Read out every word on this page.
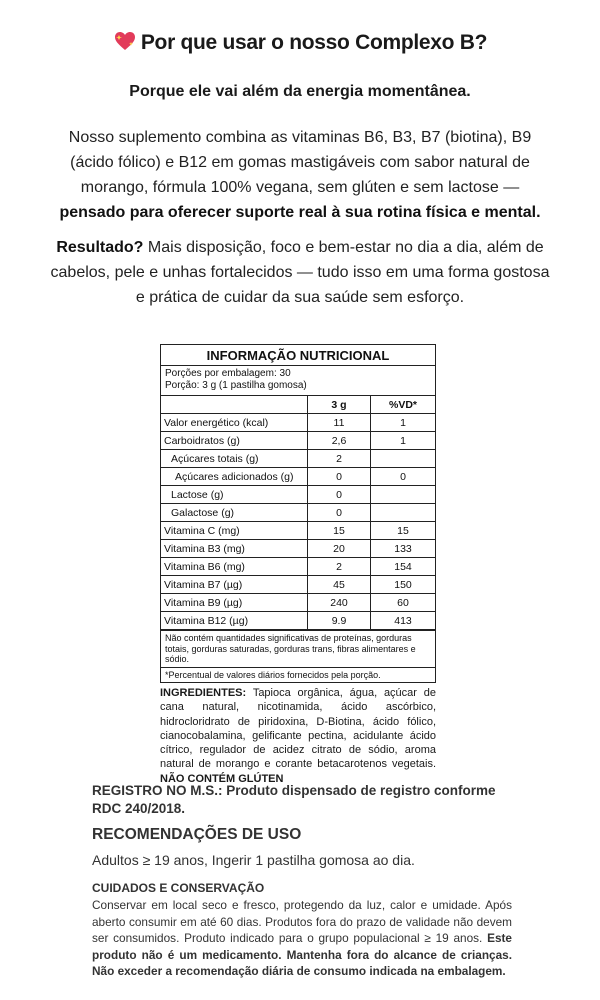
Por que usar o nosso Complexo B?
Porque ele vai além da energia momentânea.
Nosso suplemento combina as vitaminas B6, B3, B7 (biotina), B9 (ácido fólico) e B12 em gomas mastigáveis com sabor natural de morango, fórmula 100% vegana, sem glúten e sem lactose — pensado para oferecer suporte real à sua rotina física e mental.
Resultado? Mais disposição, foco e bem-estar no dia a dia, além de cabelos, pele e unhas fortalecidos — tudo isso em uma forma gostosa e prática de cuidar da sua saúde sem esforço.
INFORMAÇÃO NUTRICIONAL
Porções por embalagem: 30
Porção: 3 g (1 pastilha gomosa)
	3 g	%VD*
Valor energético (kcal)	11	1
Carboidratos (g)	2,6	1
Açúcares totais (g)	2	
Açúcares adicionados (g)	0	0
Lactose (g)	0	
Galactose (g)	0	
Vitamina C (mg)	15	15
Vitamina B3 (mg)	20	133
Vitamina B6 (mg)	2	154
Vitamina B7 (µg)	45	150
Vitamina B9 (µg)	240	60
Vitamina B12 (µg)	9.9	413
Não contém quantidades significativas de proteínas, gorduras totais, gorduras saturadas, gorduras trans, fibras alimentares e sódio.
*Percentual de valores diários fornecidos pela porção.
INGREDIENTES: Tapioca orgânica, água, açúcar de cana natural, nicotinamida, ácido ascórbico, hidrocloridrato de piridoxina, D-Biotina, ácido fólico, cianocobalamina, gelificante pectina, acidulante ácido cítrico, regulador de acidez citrato de sódio, aroma natural de morango e corante betacarotenos vegetais. NÃO CONTÉM GLÚTEN
REGISTRO NO M.S.: Produto dispensado de registro conforme RDC 240/2018.
RECOMENDAÇÕES DE USO
Adultos ≥ 19 anos, Ingerir 1 pastilha gomosa ao dia.
CUIDADOS E CONSERVAÇÃO
Conservar em local seco e fresco, protegendo da luz, calor e umidade. Após aberto consumir em até 60 dias. Produtos fora do prazo de validade não devem ser consumidos. Produto indicado para o grupo populacional ≥ 19 anos. Este produto não é um medicamento. Mantenha fora do alcance de crianças. Não exceder a recomendação diária de consumo indicada na embalagem.
